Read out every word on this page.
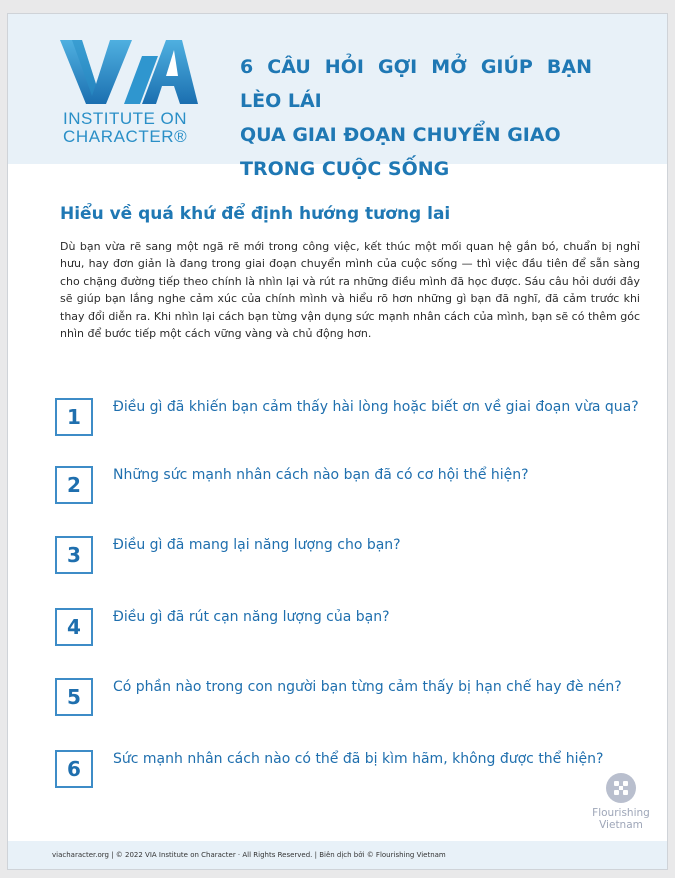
INSTITUTE ON
CHARACTER®
6 CÂU HỎI GỢI MỞ GIÚP BẠN LÈO LÁI
QUA GIAI ĐOẠN CHUYỂN GIAO
TRONG CUỘC SỐNG
Hiểu về quá khứ để định hướng tương lai

Dù bạn vừa rẽ sang một ngã rẽ mới trong công việc, kết thúc một mối quan hệ gắn bó, chuẩn bị nghỉ hưu, hay đơn giản là đang trong giai đoạn chuyển mình của cuộc sống — thì việc đầu tiên để sẵn sàng cho chặng đường tiếp theo chính là nhìn lại và rút ra những điều mình đã học được. Sáu câu hỏi dưới đây sẽ giúp bạn lắng nghe cảm xúc của chính mình và hiểu rõ hơn những gì bạn đã nghĩ, đã cảm trước khi thay đổi diễn ra. Khi nhìn lại cách bạn từng vận dụng sức mạnh nhân cách của mình, bạn sẽ có thêm góc nhìn để bước tiếp một cách vững vàng và chủ động hơn.

1	Điều gì đã khiến bạn cảm thấy hài lòng hoặc biết ơn về giai đoạn vừa qua?
2	Những sức mạnh nhân cách nào bạn đã có cơ hội thể hiện?
3	Điều gì đã mang lại năng lượng cho bạn?
4	Điều gì đã rút cạn năng lượng của bạn?
5	Có phần nào trong con người bạn từng cảm thấy bị hạn chế hay đè nén?
6	Sức mạnh nhân cách nào có thể đã bị kìm hãm, không được thể hiện?
Flourishing
Vietnam
viacharacter.org | © 2022 VIA Institute on Character · All Rights Reserved. | Biên dịch bởi © Flourishing Vietnam
